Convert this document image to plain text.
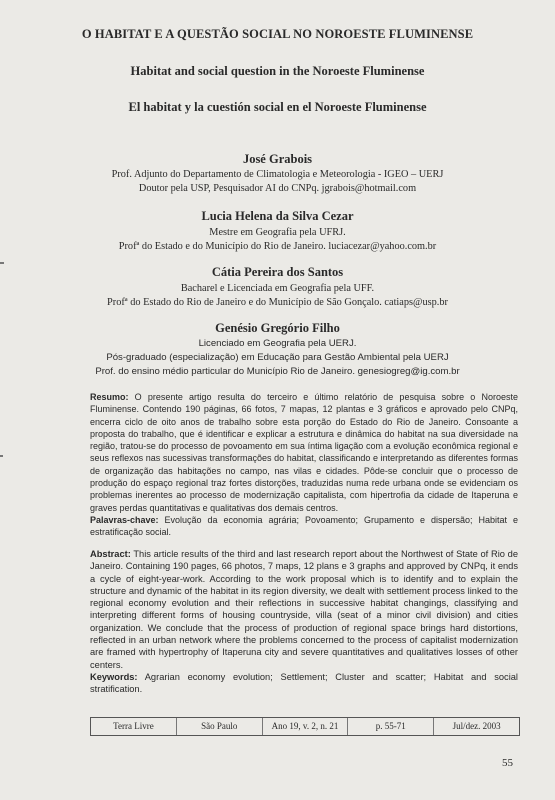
O HABITAT E A QUESTÃO SOCIAL NO NOROESTE FLUMINENSE
Habitat and social question in the Noroeste Fluminense
El habitat y la cuestión social en el Noroeste Fluminense
José Grabois
Prof. Adjunto do Departamento de Climatologia e Meteorologia - IGEO – UERJ
Doutor pela USP, Pesquisador AI do CNPq. jgrabois@hotmail.com
Lucia Helena da Silva Cezar
Mestre em Geografia pela UFRJ.
Profª do Estado e do Município do Rio de Janeiro. luciacezar@yahoo.com.br
Cátia Pereira dos Santos
Bacharel e Licenciada em Geografia pela UFF.
Profª do Estado do Rio de Janeiro e do Município de São Gonçalo. catiaps@usp.br
Genésio Gregório Filho
Licenciado em Geografia pela UERJ.
Pós-graduado (especialização) em Educação para Gestão Ambiental pela UERJ
Prof. do ensino médio particular do Município Rio de Janeiro. genesiogreg@ig.com.br
Resumo: O presente artigo resulta do terceiro e último relatório de pesquisa sobre o Noroeste Fluminense. Contendo 190 páginas, 66 fotos, 7 mapas, 12 plantas e 3 gráficos e aprovado pelo CNPq, encerra ciclo de oito anos de trabalho sobre esta porção do Estado do Rio de Janeiro. Consoante a proposta do trabalho, que é identificar e explicar a estrutura e dinâmica do habitat na sua diversidade na região, tratou-se do processo de povoamento em sua íntima ligação com a evolução econômica regional e seus reflexos nas sucessivas transformações do habitat, classificando e interpretando as diferentes formas de organização das habitações no campo, nas vilas e cidades. Pôde-se concluir que o processo de produção do espaço regional traz fortes distorções, traduzidas numa rede urbana onde se evidenciam os problemas inerentes ao processo de modernização capitalista, com hipertrofia da cidade de Itaperuna e graves perdas quantitativas e qualitativas dos demais centros.
Palavras-chave: Evolução da economia agrária; Povoamento; Grupamento e dispersão; Habitat e estratificação social.
Abstract: This article results of the third and last research report about the Northwest of State of Rio de Janeiro. Containing 190 pages, 66 photos, 7 maps, 12 plans e 3 graphs and approved by CNPq, it ends a cycle of eight-year-work. According to the work proposal which is to identify and to explain the structure and dynamic of the habitat in its region diversity, we dealt with settlement process linked to the regional economy evolution and their reflections in successive habitat changings, classifying and interpreting different forms of housing countryside, villa (seat of a minor civil division) and cities organization. We conclude that the process of production of regional space brings hard distortions, reflected in an urban network where the problems concerned to the process of capitalist modernization are framed with hypertrophy of Itaperuna city and severe quantitatives and qualitatives losses of other centers.
Keywords: Agrarian economy evolution; Settlement; Cluster and scatter; Habitat and social stratification.
Terra Livre	São Paulo	Ano 19, v. 2, n. 21	p. 55-71	Jul/dez. 2003
55
